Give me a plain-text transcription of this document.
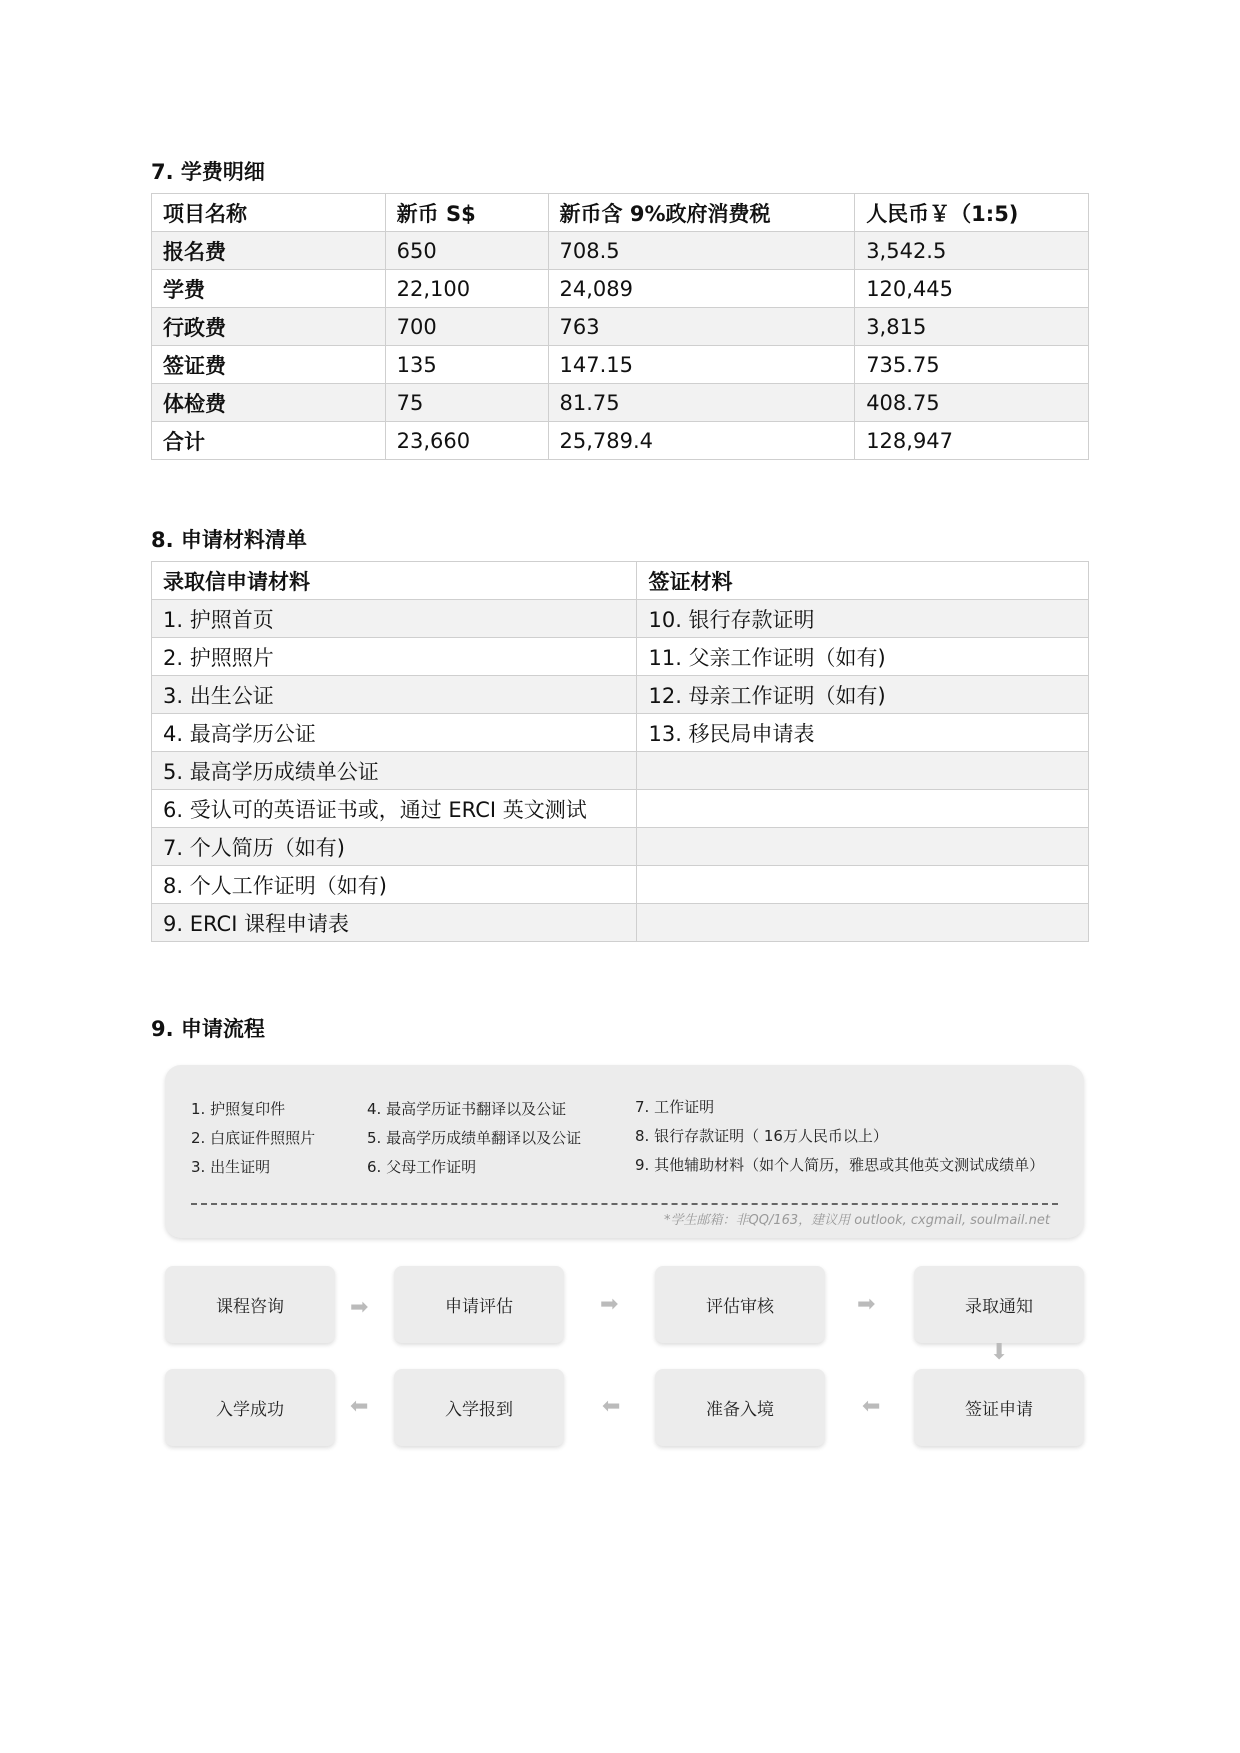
7. 学费明细
项目名称	新币 S$	新币含 9%政府消费税	人民币￥（1:5)
报名费	650	708.5	3,542.5
学费	22,100	24,089	120,445
行政费	700	763	3,815
签证费	135	147.15	735.75
体检费	75	81.75	408.75
合计	23,660	25,789.4	128,947
8. 申请材料清单
录取信申请材料	签证材料
1. 护照首页	10. 银行存款证明
2. 护照照片	11. 父亲工作证明（如有)
3. 出生公证	12. 母亲工作证明（如有)
4. 最高学历公证	13. 移民局申请表
5. 最高学历成绩单公证	
6. 受认可的英语证书或，通过 ERCI 英文测试	
7. 个人简历（如有)	
8. 个人工作证明（如有)	
9. ERCI 课程申请表	
9. 申请流程
1. 护照复印件
2. 白底证件照照片
3. 出生证明
4. 最高学历证书翻译以及公证
5. 最高学历成绩单翻译以及公证
6. 父母工作证明
7. 工作证明
8. 银行存款证明（ 16万人民币以上）
9. 其他辅助材料（如个人简历，雅思或其他英文测试成绩单）
*学生邮箱：非QQ/163，建议用 outlook, cxgmail, soulmail.net
课程咨询	申请评估	评估审核	录取通知
签证申请
准备入境
入学报到
入学成功
➡	➡	➡
⬇
⬅
⬅
⬅
